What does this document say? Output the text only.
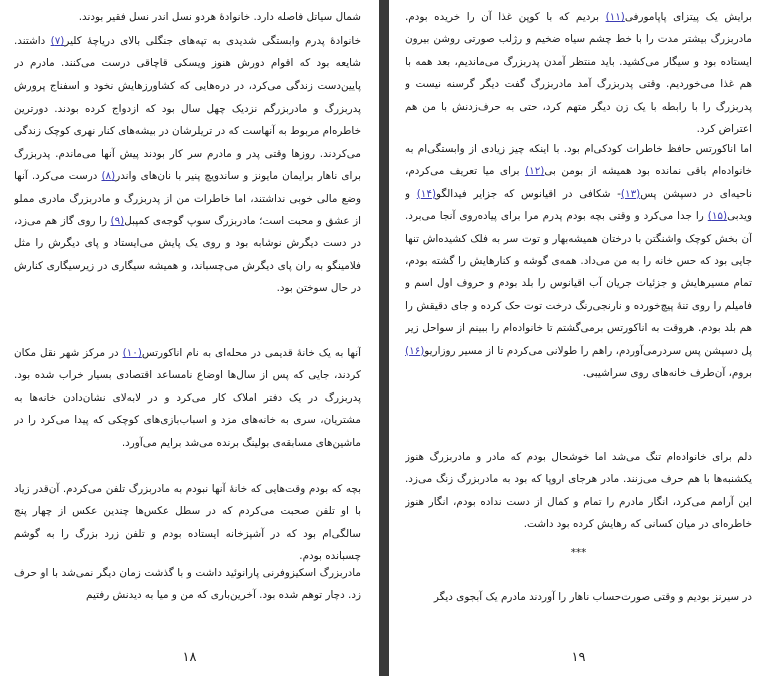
شمال سیاتل فاصله دارد. خانوادهٔ هردو نسل اندر نسل فقیر بودند.

خانوادهٔ پدرم وابستگی شدیدی به تپه‌های جنگلی بالای دریاچهٔ کلیر(۷) داشتند. شایعه بود که اقوام دورش هنوز ویسکی قاچاقی درست می‌کنند. مادرم در پایین‌دست زندگی می‌کرد، در دره‌هایی که کشاورزهایش نخود و اسفناج پرورش

پدربزرگ و مادربزرگم نزدیک چهل سال بود که ازدواج کرده بودند. دورترین خاطره‌ام مربوط به آنهاست که در تریلرشان در بیشه‌های کنار نهری کوچک زندگی می‌کردند. روزها وقتی پدر و مادرم سر کار بودند پیش آنها می‌ماندم. پدربزرگ برای ناهار برایمان مایونز و ساندویچ پنیر با نان‌های واندر(۸) درست می‌کرد. آنها وضع مالی خوبی نداشتند، اما خاطرات من از پدربزرگ و مادربزرگ مادری مملو از عشق و محبت است؛ مادربزرگ سوپ گوجه‌ی کمپبل(۹) را روی گاز هم می‌زد، در دست دیگرش نوشابه بود و روی یک پایش می‌ایستاد و پای دیگرش را مثل فلامینگو به ران پای دیگرش می‌چسباند، و همیشه سیگاری در زیرسیگاری کنارش در حال سوختن بود.

آنها به یک خانهٔ قدیمی در محله‌ای به نام اناکورتس(۱۰) در مرکز شهر نقل مکان کردند، جایی که پس از سال‌ها اوضاع نامساعد اقتصادی بسیار خراب شده بود. پدربزرگ در یک دفتر املاک کار می‌کرد و در لابه‌لای نشان‌دادن خانه‌ها به مشتریان، سری به خانه‌های مزد و اسباب‌بازی‌های کوچکی که پیدا می‌کرد را در ماشین‌های مسابقه‌ی بولینگ برنده می‌شد برایم می‌آورد.

بچه که بودم وقت‌هایی که خانهٔ آنها نبودم به مادربزرگ تلفن می‌کردم. آن‌قدر زیاد با او تلفن صحبت می‌کردم که در سطل عکس‌ها چندین عکس از چهار پنج سالگی‌ام بود که در آشپزخانه ایستاده بودم و تلفن زرد بزرگ را به گوشم چسبانده بودم.

مادربزرگ اسکیزوفرنی پارانوئید داشت و با گذشت زمان دیگر نمی‌شد با او حرف زد. دچار توهم شده بود. آخرین‌باری که من و میا به دیدنش رفتیم

۱۸

برایش یک پیتزای پاپامورفی(۱۱) بردیم که با کوپن غذا آن را خریده بودم. مادربزرگ بیشتر مدت را با خط چشم سیاه ضخیم و رژلب صورتی روشن بیرون ایستاده بود و سیگار می‌کشید. باید منتظر آمدن پدربزرگ می‌ماندیم، بعد همه با هم غذا می‌خوردیم. وقتی پدربزرگ آمد مادربزرگ گفت دیگر گرسنه نیست و پدربزرگ را با رابطه با یک زن دیگر متهم کرد، حتی به حرف‌زدنش با من هم اعتراض کرد.

اما اناکورتس حافظ خاطرات کودکی‌ام بود. با اینکه چیز زیادی از وابستگی‌ام به خانواده‌ام باقی نمانده بود همیشه از بومن بی(۱۲) برای میا تعریف می‌کردم، ناحیه‌ای در دسپشن پس(۱۳)- شکافی در اقیانوس که جزایر فیدالگو(۱۴) و ویدبی(۱۵) را جدا می‌کرد و وقتی بچه بودم پدرم مرا برای پیاده‌روی آنجا می‌برد. آن بخش کوچک واشنگتن با درختان همیشه‌بهار و توت سر به فلک کشیده‌اش تنها جایی بود که حس خانه را به من می‌داد. همه‌ی گوشه و کنارهایش را گشته بودم، تمام مسیرهایش و جزئیات جریان آب اقیانوس را بلد بودم و حروف اول اسم و فامیلم را روی تنهٔ پیچ‌خورده و نارنجی‌رنگ درخت توت حک کرده و جای دقیقش را هم بلد بودم. هروقت به اناکورتس برمی‌گشتم تا خانواده‌ام را ببینم از سواحل زیر پل دسپشن پس سردرمی‌آوردم، راهم را طولانی می‌کردم تا از مسیر روزاریو(۱۶) بروم، آن‌طرف خانه‌های روی سراشیبی.

دلم برای خانواده‌ام تنگ می‌شد اما خوشحال بودم که مادر و مادربزرگ هنوز یکشنبه‌ها با هم حرف می‌زنند. مادر هرجای اروپا که بود به مادربزرگ زنگ می‌زد. این آرامم می‌کرد، انگار مادرم را تمام و کمال از دست نداده بودم، انگار هنوز خاطره‌ای در میان کسانی که رهایش کرده بود داشت.

***

در سیرنز بودیم و وقتی صورت‌حساب ناهار را آوردند مادرم یک آبجوی دیگر

۱۹
